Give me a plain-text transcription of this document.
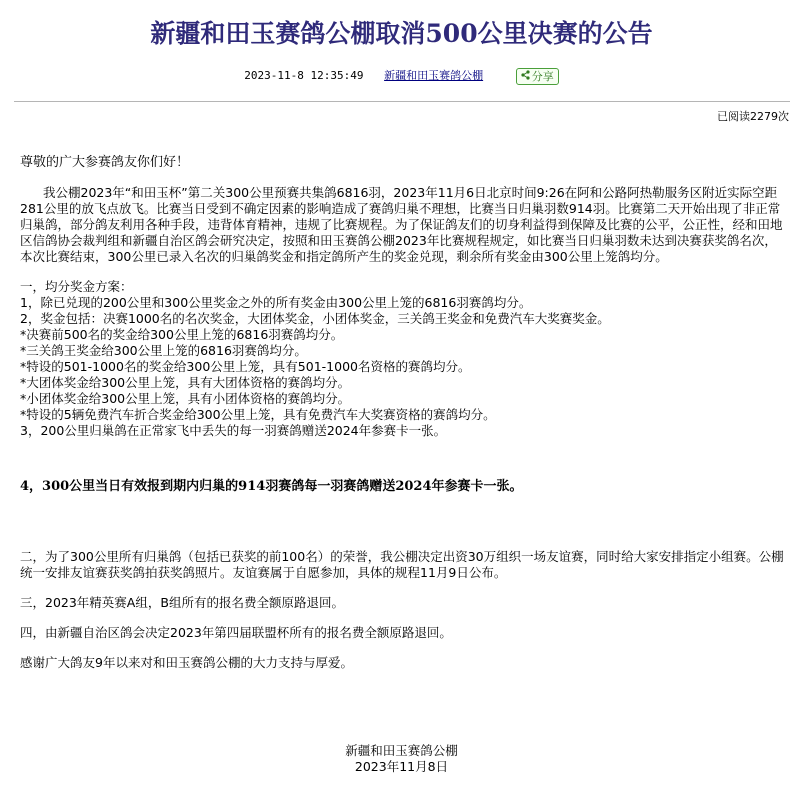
新疆和田玉赛鸽公棚取消500公里决赛的公告
2023-11-8 12:35:49 新疆和田玉赛鸽公棚	分享
已阅读2279次

尊敬的广大参赛鸽友你们好！

我公棚2023年“和田玉杯”第二关300公里预赛共集鸽6816羽，2023年11月6日北京时间9:26在阿和公路阿热勒服务区附近实际空距281公里的放飞点放飞。比赛当日受到不确定因素的影响造成了赛鸽归巢不理想，比赛当日归巢羽数914羽。比赛第二天开始出现了非正常归巢鸽，部分鸽友利用各种手段，违背体育精神，违规了比赛规程。为了保证鸽友们的切身利益得到保障及比赛的公平，公正性，经和田地区信鸽协会裁判组和新疆自治区鸽会研究决定，按照和田玉赛鸽公棚2023年比赛规程规定，如比赛当日归巢羽数未达到决赛获奖鸽名次，本次比赛结束，300公里已录入名次的归巢鸽奖金和指定鸽所产生的奖金兑现，剩余所有奖金由300公里上笼鸽均分。

一，均分奖金方案：

1，除已兑现的200公里和300公里奖金之外的所有奖金由300公里上笼的6816羽赛鸽均分。

2，奖金包括：决赛1000名的名次奖金，大团体奖金，小团体奖金，三关鸽王奖金和免费汽车大奖赛奖金。

*决赛前500名的奖金给300公里上笼的6816羽赛鸽均分。

*三关鸽王奖金给300公里上笼的6816羽赛鸽均分。

*特设的501-1000名的奖金给300公里上笼，具有501-1000名资格的赛鸽均分。

*大团体奖金给300公里上笼，具有大团体资格的赛鸽均分。

*小团体奖金给300公里上笼，具有小团体资格的赛鸽均分。

*特设的5辆免费汽车折合奖金给300公里上笼，具有免费汽车大奖赛资格的赛鸽均分。

3，200公里归巢鸽在正常家飞中丢失的每一羽赛鸽赠送2024年参赛卡一张。

4，300公里当日有效报到期内归巢的914羽赛鸽每一羽赛鸽赠送2024年参赛卡一张。

二，为了300公里所有归巢鸽（包括已获奖的前100名）的荣誉，我公棚决定出资30万组织一场友谊赛，同时给大家安排指定小组赛。公棚统一安排友谊赛获奖鸽拍获奖鸽照片。友谊赛属于自愿参加，具体的规程11月9日公布。

三，2023年精英赛A组，B组所有的报名费全额原路退回。

四，由新疆自治区鸽会决定2023年第四届联盟杯所有的报名费全额原路退回。

感谢广大鸽友9年以来对和田玉赛鸽公棚的大力支持与厚爱。

新疆和田玉赛鸽公棚
2023年11月8日
